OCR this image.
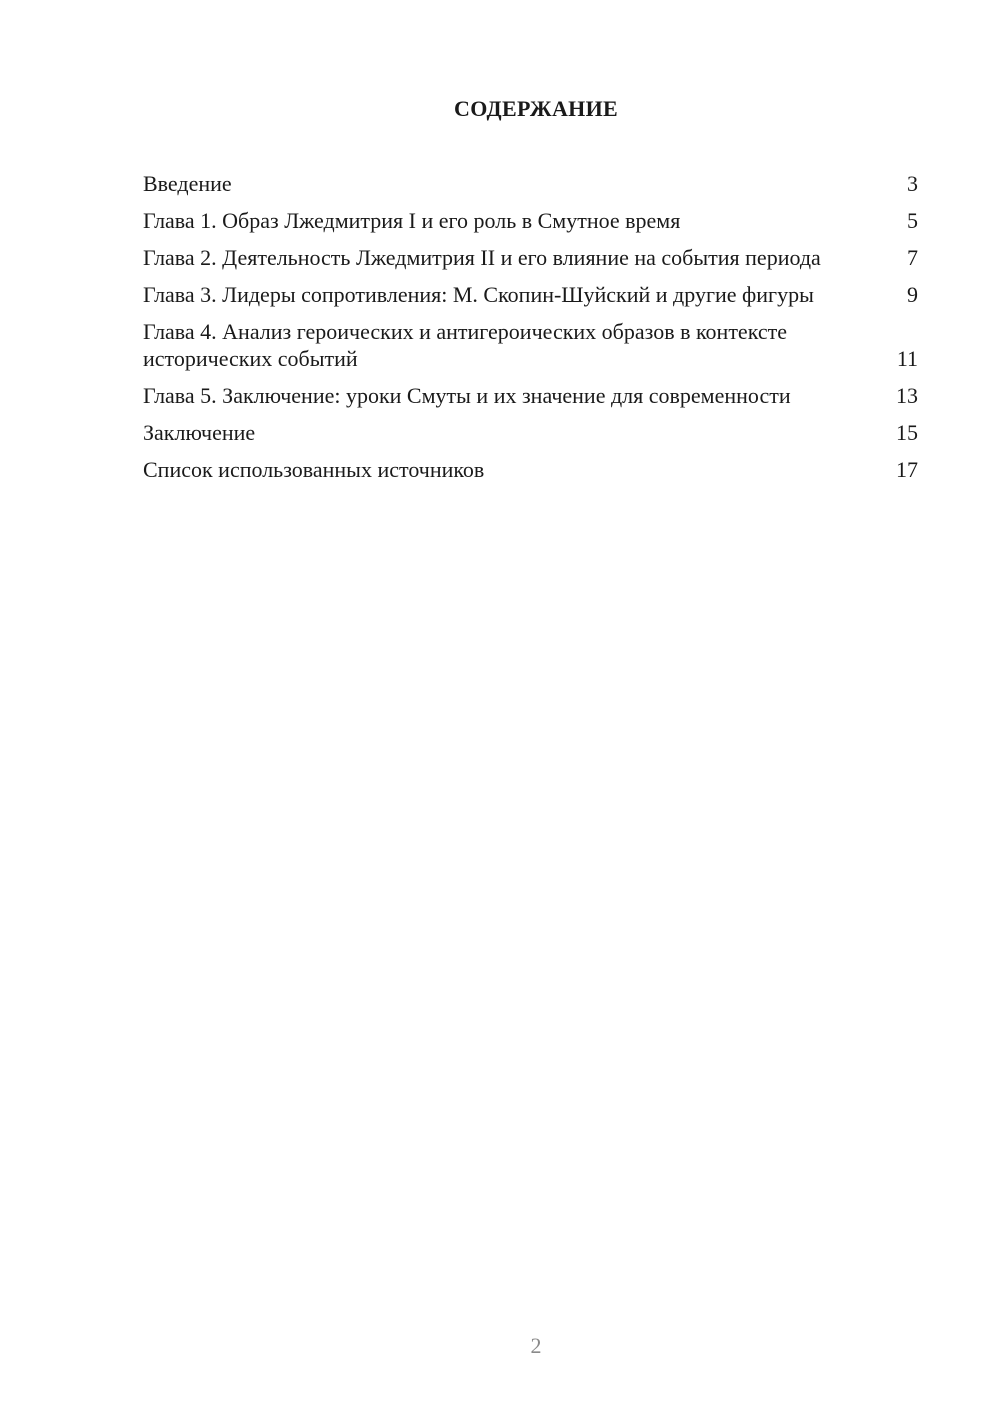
СОДЕРЖАНИЕ
Введение	3
Глава 1. Образ Лжедмитрия I и его роль в Смутное время	5
Глава 2. Деятельность Лжедмитрия II и его влияние на события периода	7
Глава 3. Лидеры сопротивления: М. Скопин-Шуйский и другие фигуры	9
Глава 4. Анализ героических и антигероических образов в контексте исторических событий	11
Глава 5. Заключение: уроки Смуты и их значение для современности	13
Заключение	15
Список использованных источников	17
2
